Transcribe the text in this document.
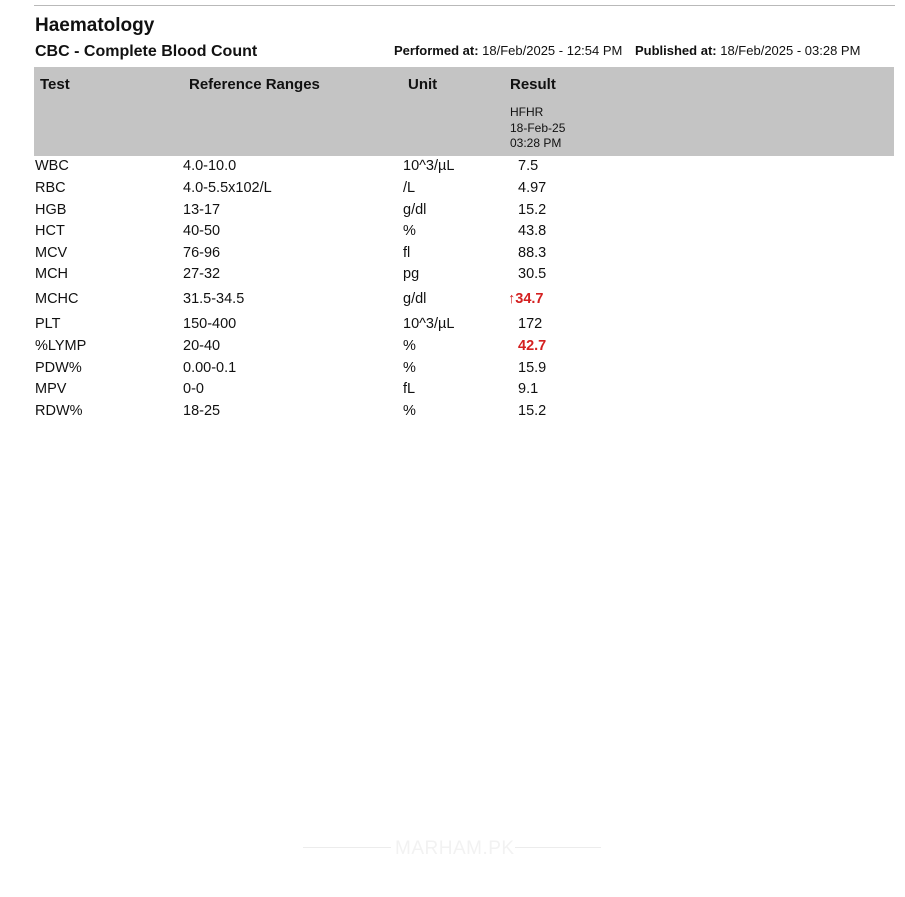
Haematology
CBC - Complete Blood Count	Performed at: 18/Feb/2025 - 12:54 PM Published at: 18/Feb/2025 - 03:28 PM
Test	Reference Ranges	Unit	Result
HFHR
18-Feb-25
03:28 PM
WBC	4.0-10.0	10^3/µL	7.5
RBC	4.0-5.5x102/L	/L	4.97
HGB	13-17	g/dl	15.2
HCT	40-50	%	43.8
MCV	76-96	fl	88.3
MCH	27-32	pg	30.5
MCHC	31.5-34.5	g/dl	↑34.7
PLT	150-400	10^3/µL	172
%LYMP	20-40	%	42.7
PDW%	0.00-0.1	%	15.9
MPV	0-0	fL	9.1
RDW%	18-25	%	15.2
MARHAM.PK
